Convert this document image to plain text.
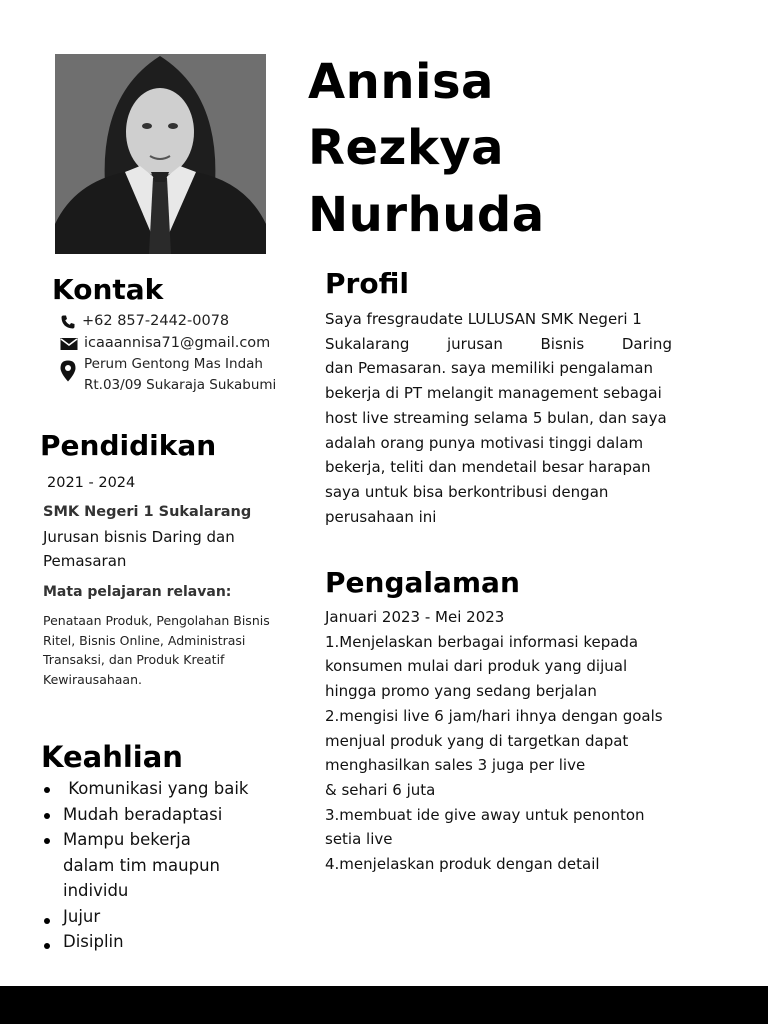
Annisa
Rezkya
Nurhuda
Kontak
+62 857-2442-0078
icaaannisa71@gmail.com
Perum Gentong Mas Indah
Rt.03/09 Sukaraja Sukabumi
Pendidikan
2021 - 2024
SMK Negeri 1 Sukalarang
Jurusan bisnis Daring dan
Pemasaran
Mata pelajaran relavan:
Penataan Produk, Pengolahan Bisnis
Ritel, Bisnis Online, Administrasi
Transaksi, dan Produk Kreatif
Kewirausahaan.
Keahlian
Komunikasi yang baik
Mudah beradaptasi
Mampu bekerja
dalam tim maupun
individu
Jujur
Disiplin
Profil
Saya fresgraudate LULUSAN SMK Negeri 1
Sukalarang	jurusan	Bisnis	Daring
dan Pemasaran. saya memiliki pengalaman
bekerja di PT melangit management sebagai
host live streaming selama 5 bulan, dan saya
adalah orang punya motivasi tinggi dalam
bekerja, teliti dan mendetail besar harapan
saya untuk bisa berkontribusi dengan
perusahaan ini
Pengalaman
Januari 2023 - Mei 2023
1.Menjelaskan berbagai informasi kepada
konsumen mulai dari produk yang dijual
hingga promo yang sedang berjalan
2.mengisi live 6 jam/hari ihnya dengan goals
menjual produk yang di targetkan dapat
menghasilkan sales 3 juga per live
& sehari 6 juta
3.membuat ide give away untuk penonton
setia live
4.menjelaskan produk dengan detail
